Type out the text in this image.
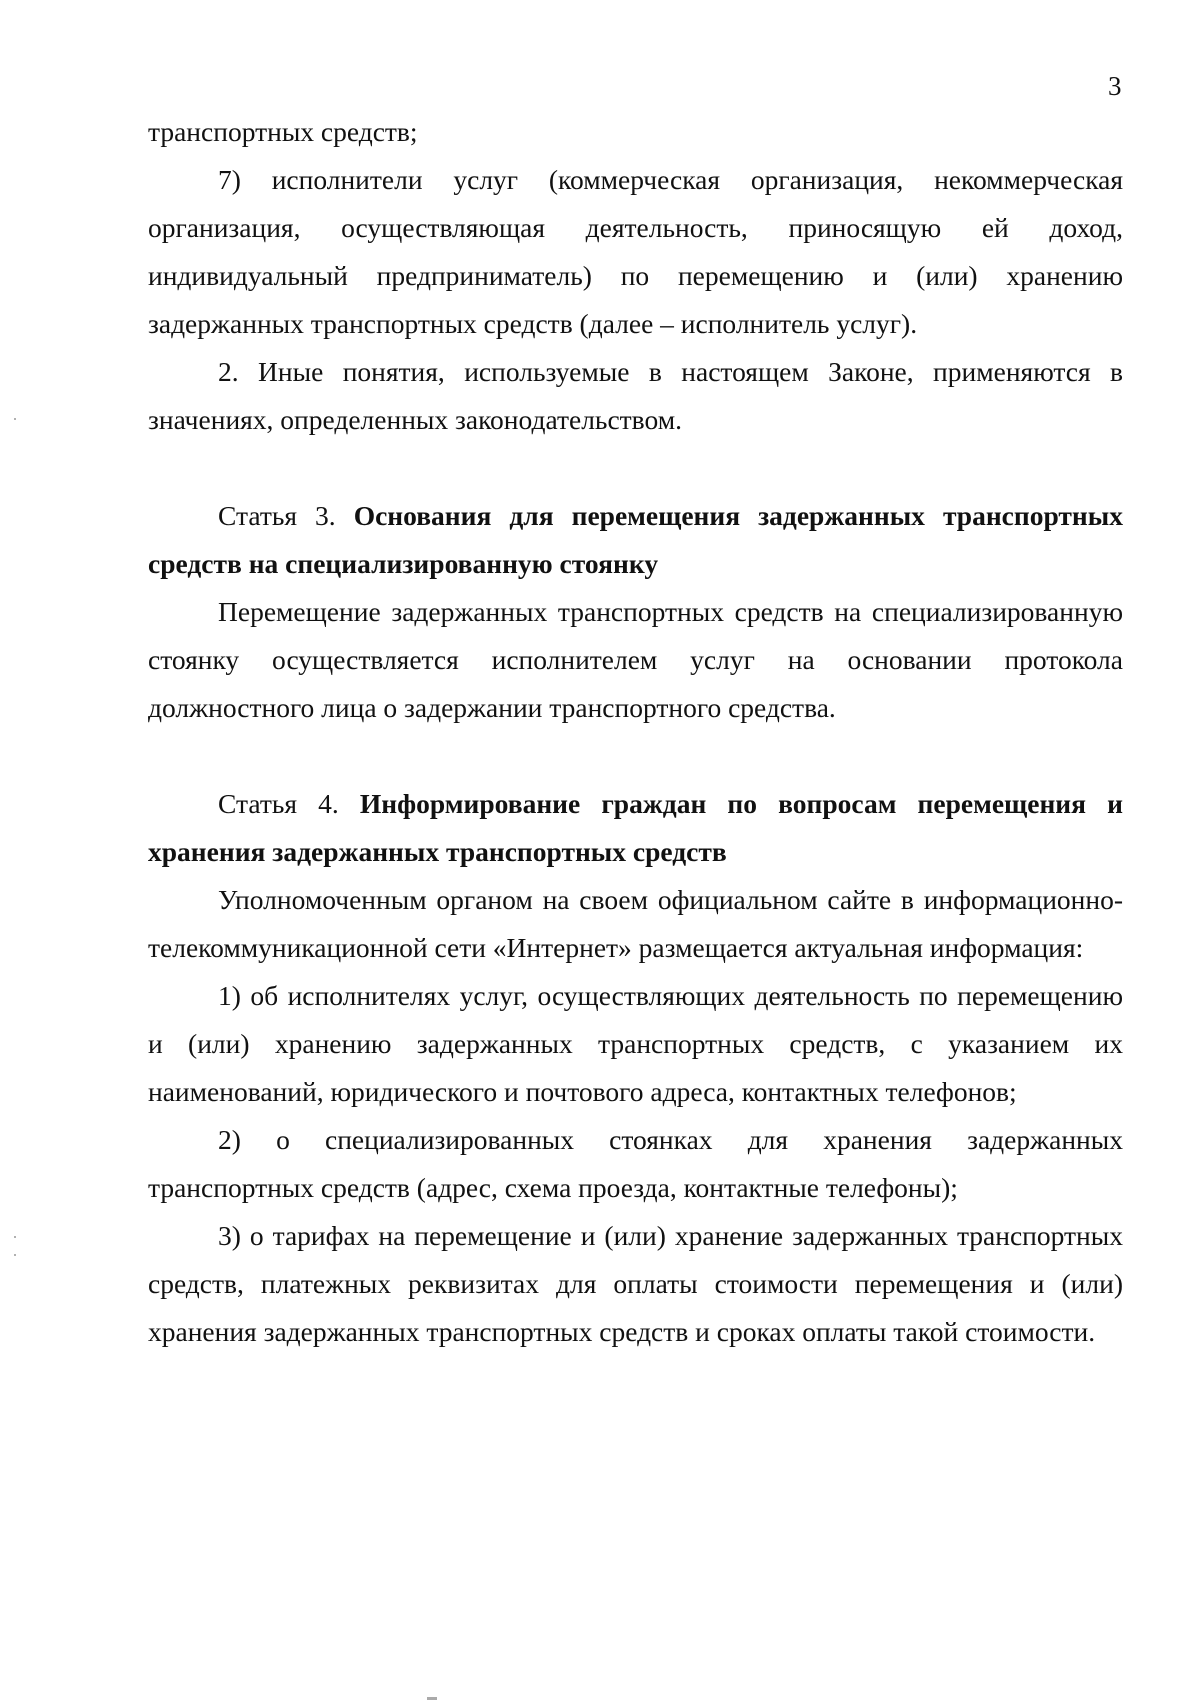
3

транспортных средств;

7) исполнители услуг (коммерческая организация, некоммерческая организация, осуществляющая деятельность, приносящую ей доход, индивидуальный предприниматель) по перемещению и (или) хранению задержанных транспортных средств (далее – исполнитель услуг).

2. Иные понятия, используемые в настоящем Законе, применяются в значениях, определенных законодательством.

Статья 3. Основания для перемещения задержанных транспортных средств на специализированную стоянку

Перемещение задержанных транспортных средств на специализированную стоянку осуществляется исполнителем услуг на основании протокола должностного лица о задержании транспортного средства.

Статья 4. Информирование граждан по вопросам перемещения и хранения задержанных транспортных средств

Уполномоченным органом на своем официальном сайте в информационно-телекоммуникационной сети «Интернет» размещается актуальная информация:

1) об исполнителях услуг, осуществляющих деятельность по перемещению и (или) хранению задержанных транспортных средств, с указанием их наименований, юридического и почтового адреса, контактных телефонов;

2) о специализированных стоянках для хранения задержанных транспортных средств (адрес, схема проезда, контактные телефоны);

3) о тарифах на перемещение и (или) хранение задержанных транспортных средств, платежных реквизитах для оплаты стоимости перемещения и (или) хранения задержанных транспортных средств и сроках оплаты такой стоимости.
